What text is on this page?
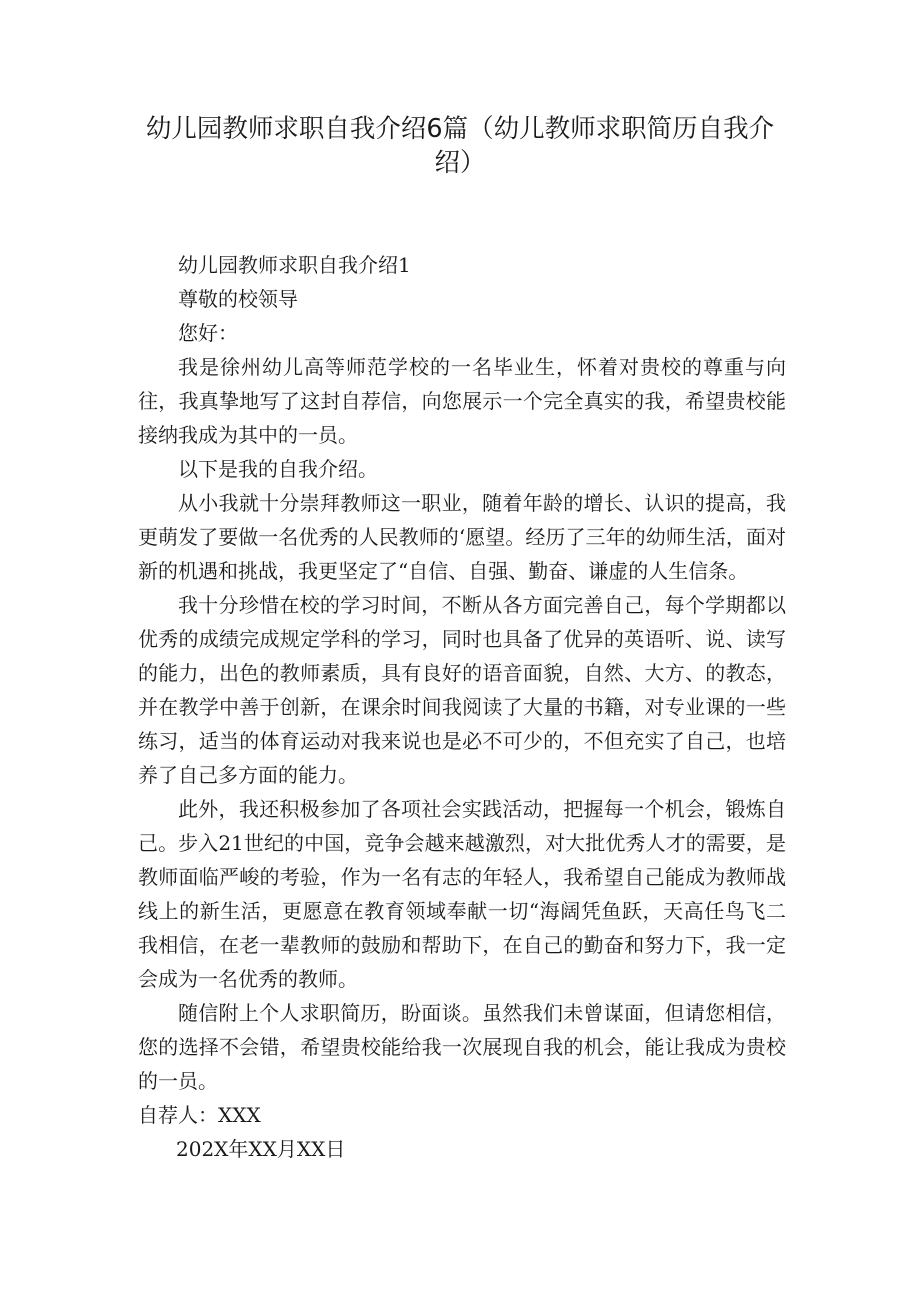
幼儿园教师求职自我介绍6篇（幼儿教师求职简历自我介绍）

幼儿园教师求职自我介绍1

尊敬的校领导

您好：

我是徐州幼儿高等师范学校的一名毕业生，怀着对贵校的尊重与向往，我真挚地写了这封自荐信，向您展示一个完全真实的我，希望贵校能接纳我成为其中的一员。

以下是我的自我介绍。

从小我就十分崇拜教师这一职业，随着年龄的增长、认识的提高，我更萌发了要做一名优秀的人民教师的‘愿望。经历了三年的幼师生活，面对新的机遇和挑战，我更坚定了“自信、自强、勤奋、谦虚的人生信条。

我十分珍惜在校的学习时间，不断从各方面完善自己，每个学期都以优秀的成绩完成规定学科的学习，同时也具备了优异的英语听、说、读写的能力，出色的教师素质，具有良好的语音面貌，自然、大方、的教态，并在教学中善于创新，在课余时间我阅读了大量的书籍，对专业课的一些练习，适当的体育运动对我来说也是必不可少的，不但充实了自己，也培养了自己多方面的能力。

此外，我还积极参加了各项社会实践活动，把握每一个机会，锻炼自己。步入21世纪的中国，竞争会越来越激烈，对大批优秀人才的需要，是教师面临严峻的考验，作为一名有志的年轻人，我希望自己能成为教师战线上的新生活，更愿意在教育领域奉献一切“海阔凭鱼跃，天高任鸟飞二我相信，在老一辈教师的鼓励和帮助下，在自己的勤奋和努力下，我一定会成为一名优秀的教师。

随信附上个人求职简历，盼面谈。虽然我们未曾谋面，但请您相信，您的选择不会错，希望贵校能给我一次展现自我的机会，能让我成为贵校的一员。

自荐人：XXX

202X年XX月XX日
